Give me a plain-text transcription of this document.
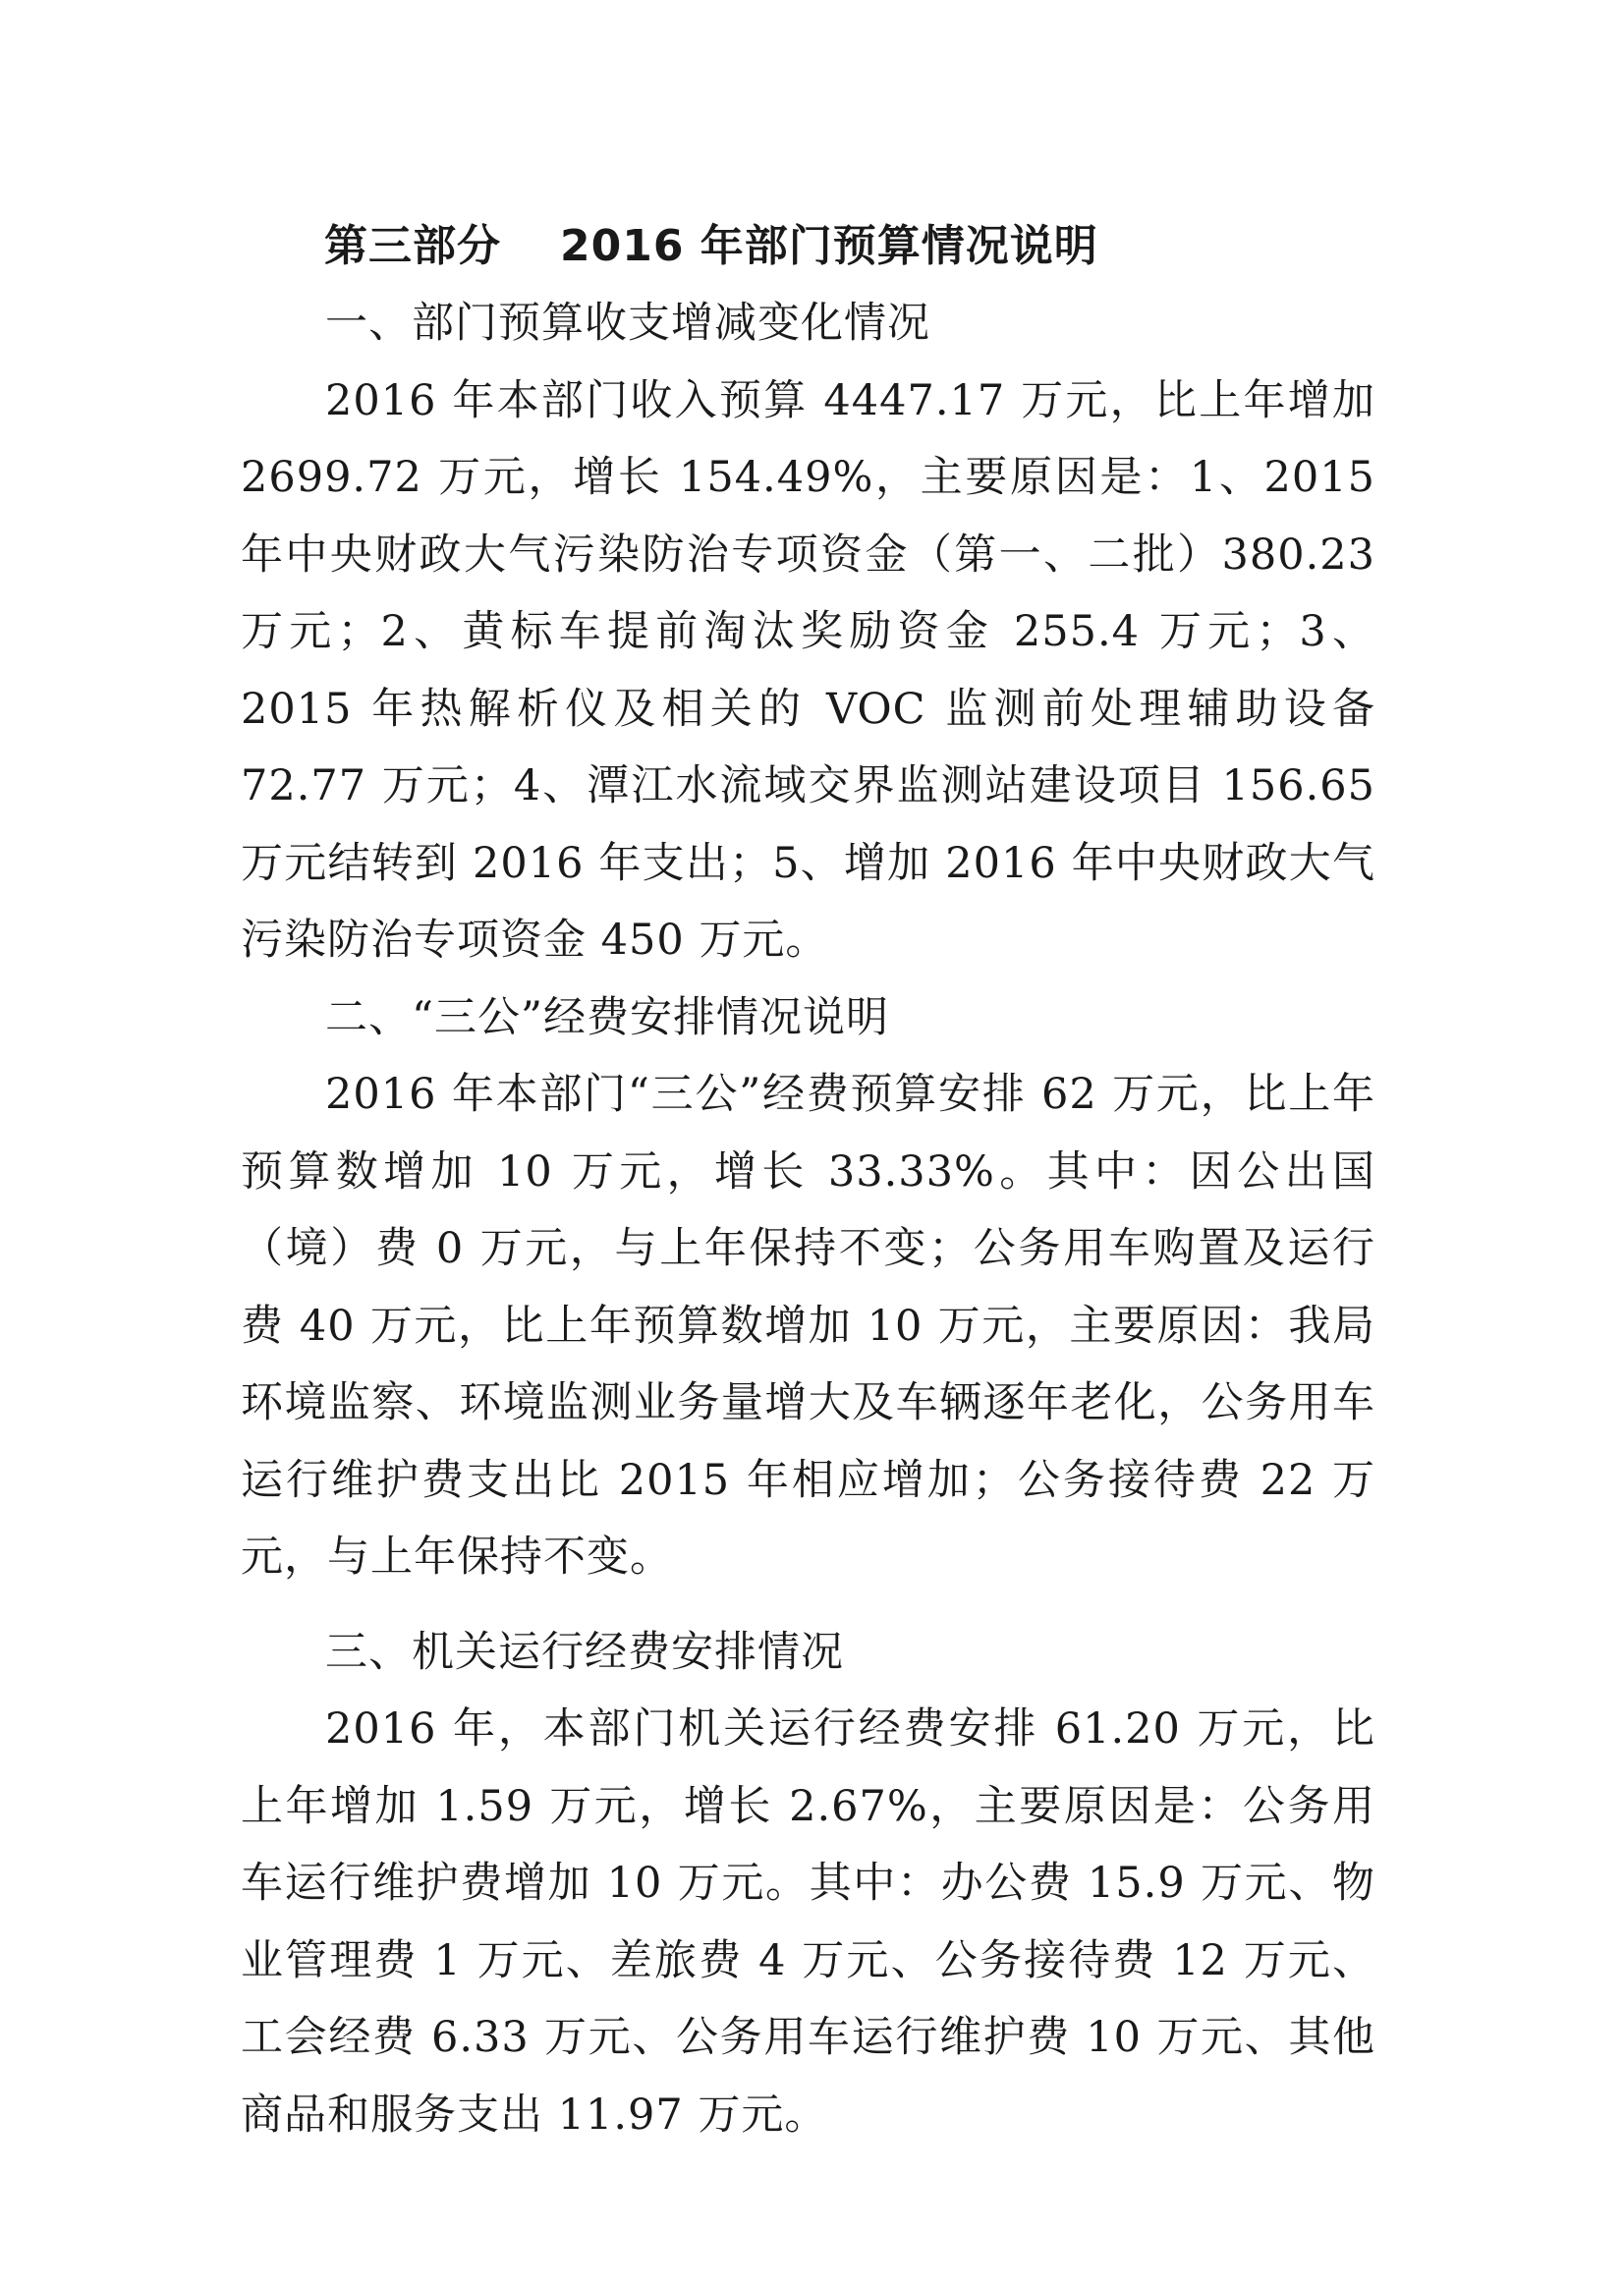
第三部分 2016 年部门预算情况说明

一、部门预算收支增减变化情况

2016 年本部门收入预算 4447.17 万元，比上年增加 2699.72 万元，增长 154.49%，主要原因是：1、2015 年中央财政大气污染防治专项资金（第一、二批）380.23 万元；2、黄标车提前淘汰奖励资金 255.4 万元；3、2015 年热解析仪及相关的 VOC 监测前处理辅助设备 72.77 万元；4、潭江水流域交界监测站建设项目 156.65 万元结转到 2016 年支出；5、增加 2016 年中央财政大气污染防治专项资金 450 万元。

二、“三公”经费安排情况说明

2016 年本部门“三公”经费预算安排 62 万元，比上年预算数增加 10 万元，增长 33.33%。其中：因公出国（境）费 0 万元，与上年保持不变；公务用车购置及运行费 40 万元，比上年预算数增加 10 万元，主要原因：我局环境监察、环境监测业务量增大及车辆逐年老化，公务用车运行维护费支出比 2015 年相应增加；公务接待费 22 万元，与上年保持不变。

三、机关运行经费安排情况

2016 年，本部门机关运行经费安排 61.20 万元，比上年增加 1.59 万元，增长 2.67%，主要原因是：公务用车运行维护费增加 10 万元。其中：办公费 15.9 万元、物业管理费 1 万元、差旅费 4 万元、公务接待费 12 万元、工会经费 6.33 万元、公务用车运行维护费 10 万元、其他商品和服务支出 11.97 万元。
